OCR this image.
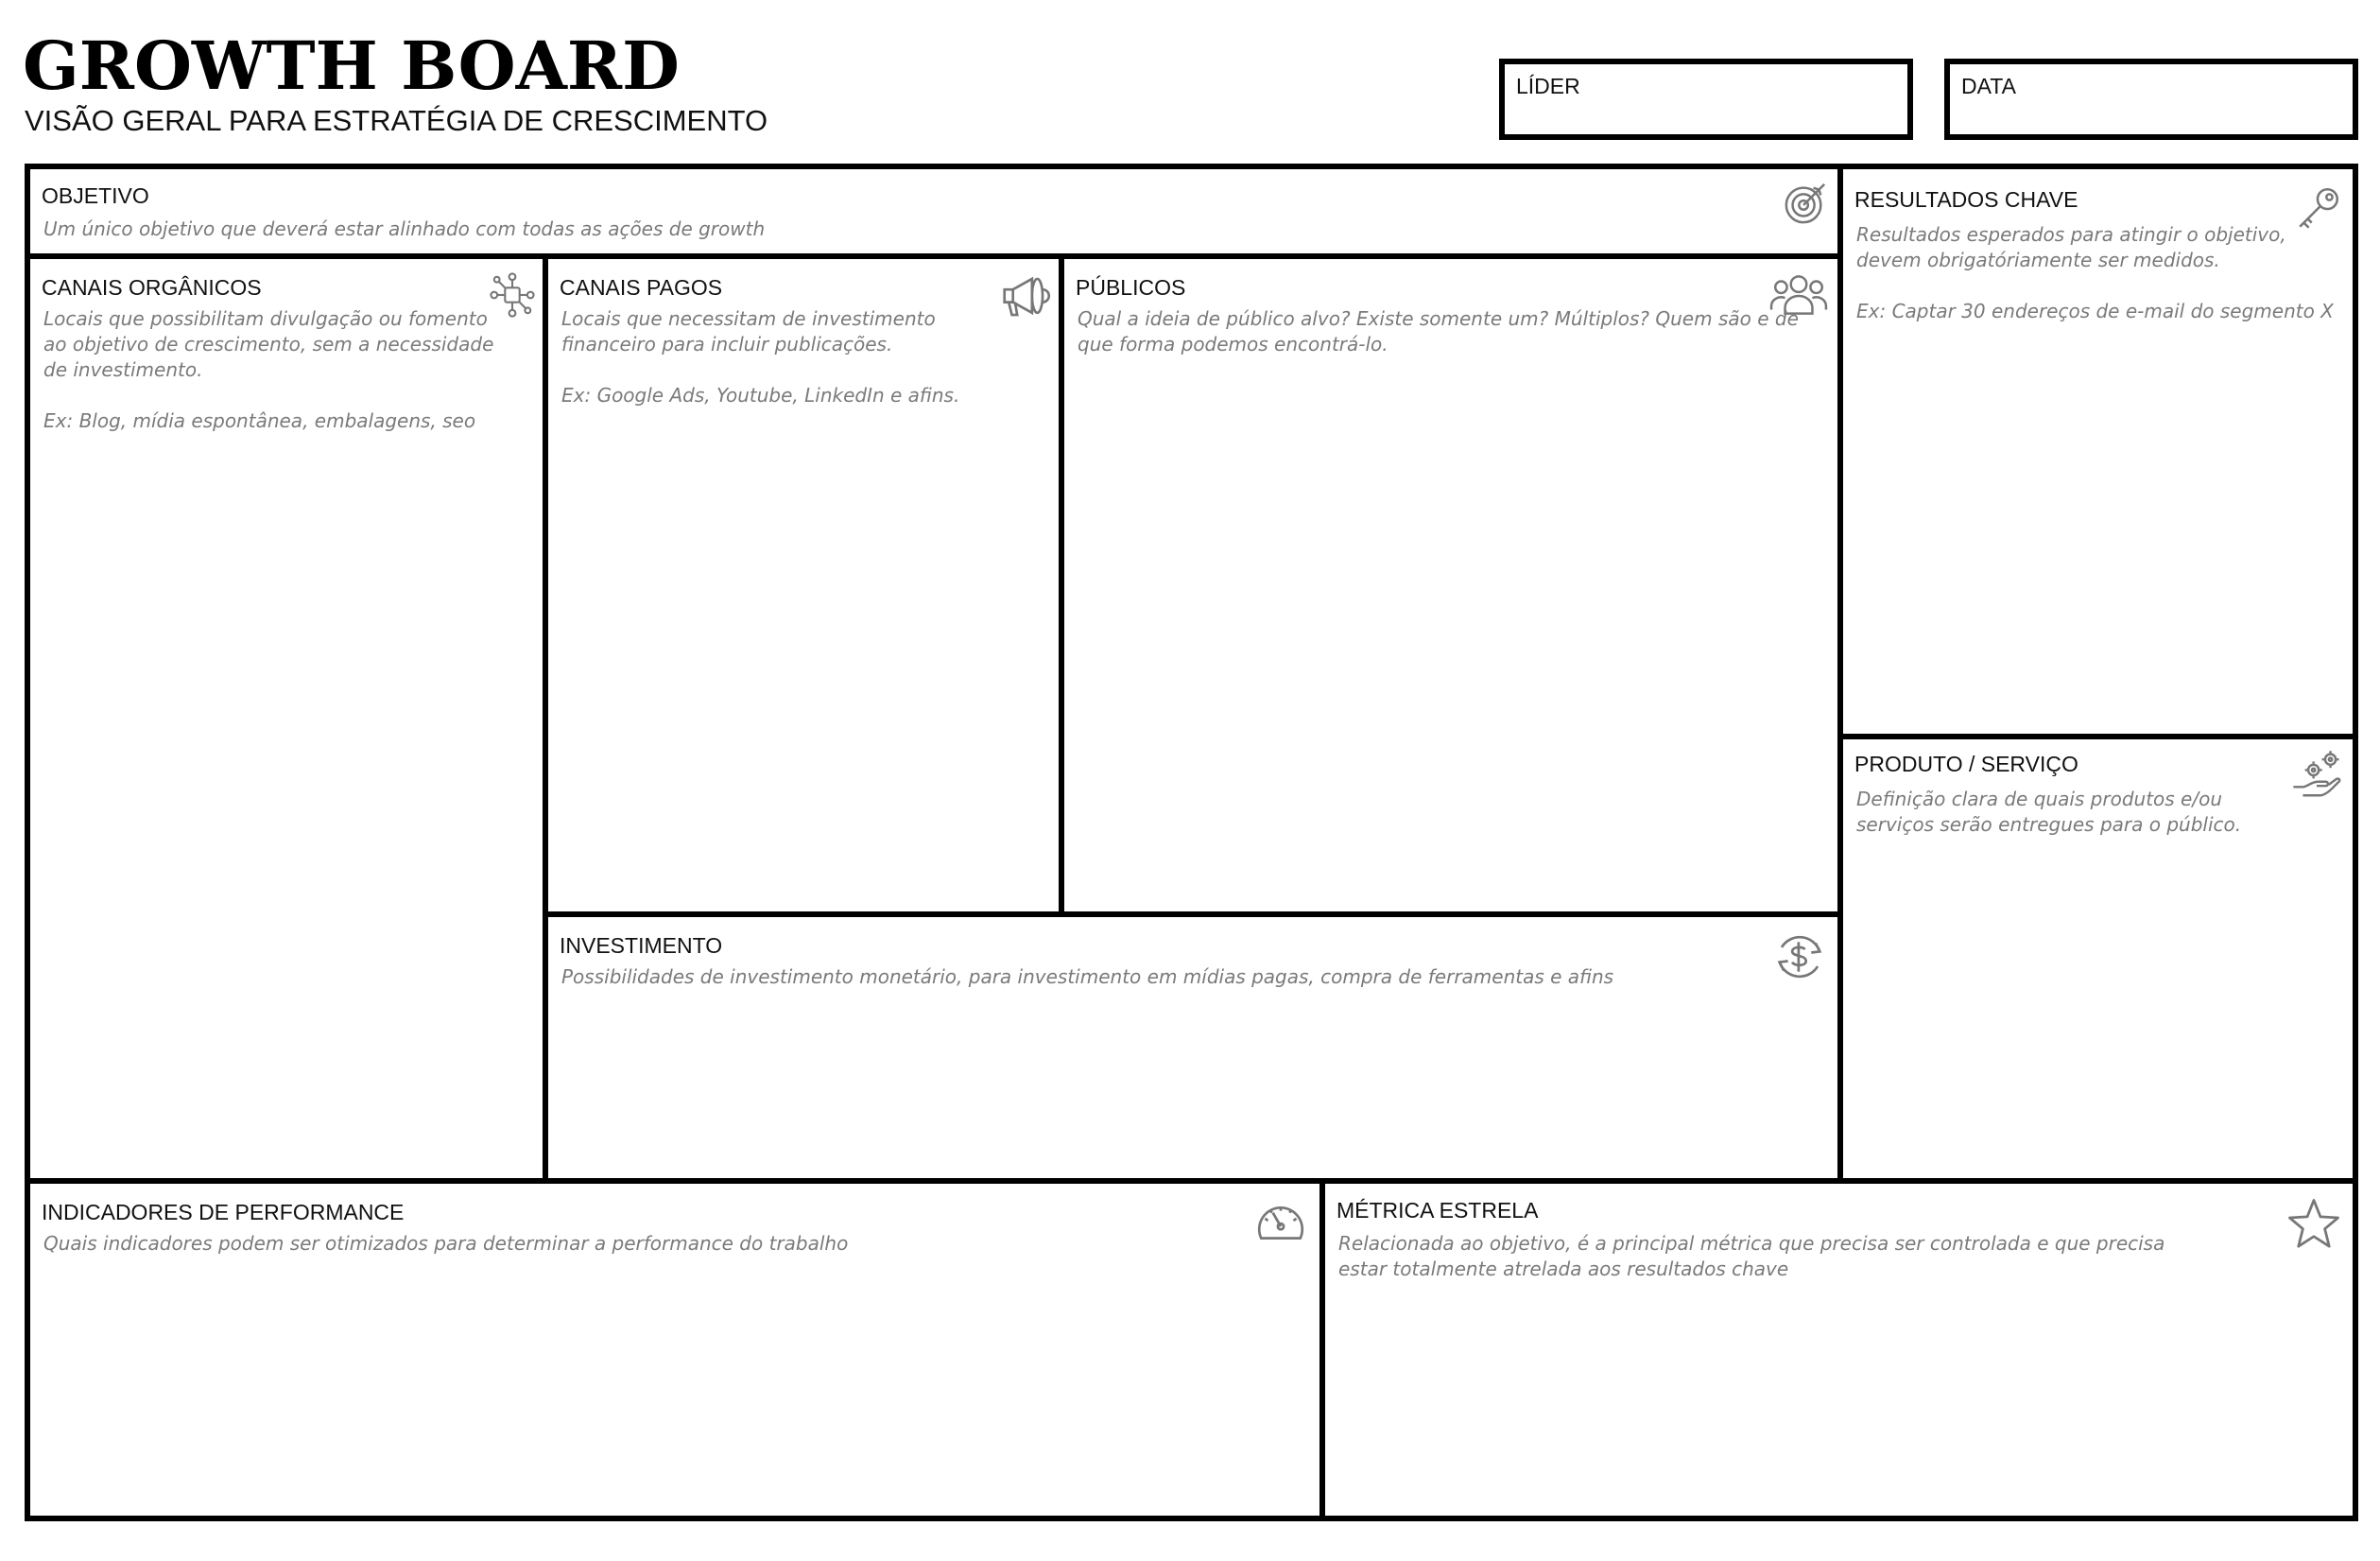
GROWTH BOARD
VISÃO GERAL PARA ESTRATÉGIA DE CRESCIMENTO
LÍDER	DATA
OBJETIVO

Um único objetivo que deverá estar alinhado com todas as ações de growth

RESULTADOS CHAVE

Resultados esperados para atingir o objetivo,
devem obrigatóriamente ser medidos.

Ex: Captar 30 endereços de e-mail do segmento X

CANAIS ORGÂNICOS

Locais que possibilitam divulgação ou fomento
ao objetivo de crescimento, sem a necessidade
de investimento.

Ex: Blog, mídia espontânea, embalagens, seo

CANAIS PAGOS

Locais que necessitam de investimento
financeiro para incluir publicações.

Ex: Google Ads, Youtube, LinkedIn e afins.

PÚBLICOS

Qual a ideia de público alvo? Existe somente um? Múltiplos? Quem são e de
que forma podemos encontrá-lo.

PRODUTO / SERVIÇO

Definição clara de quais produtos e/ou
serviços serão entregues para o público.

INVESTIMENTO

Possibilidades de investimento monetário, para investimento em mídias pagas, compra de ferramentas e afins

INDICADORES DE PERFORMANCE

Quais indicadores podem ser otimizados para determinar a performance do trabalho

MÉTRICA ESTRELA

Relacionada ao objetivo, é a principal métrica que precisa ser controlada e que precisa
estar totalmente atrelada aos resultados chave
